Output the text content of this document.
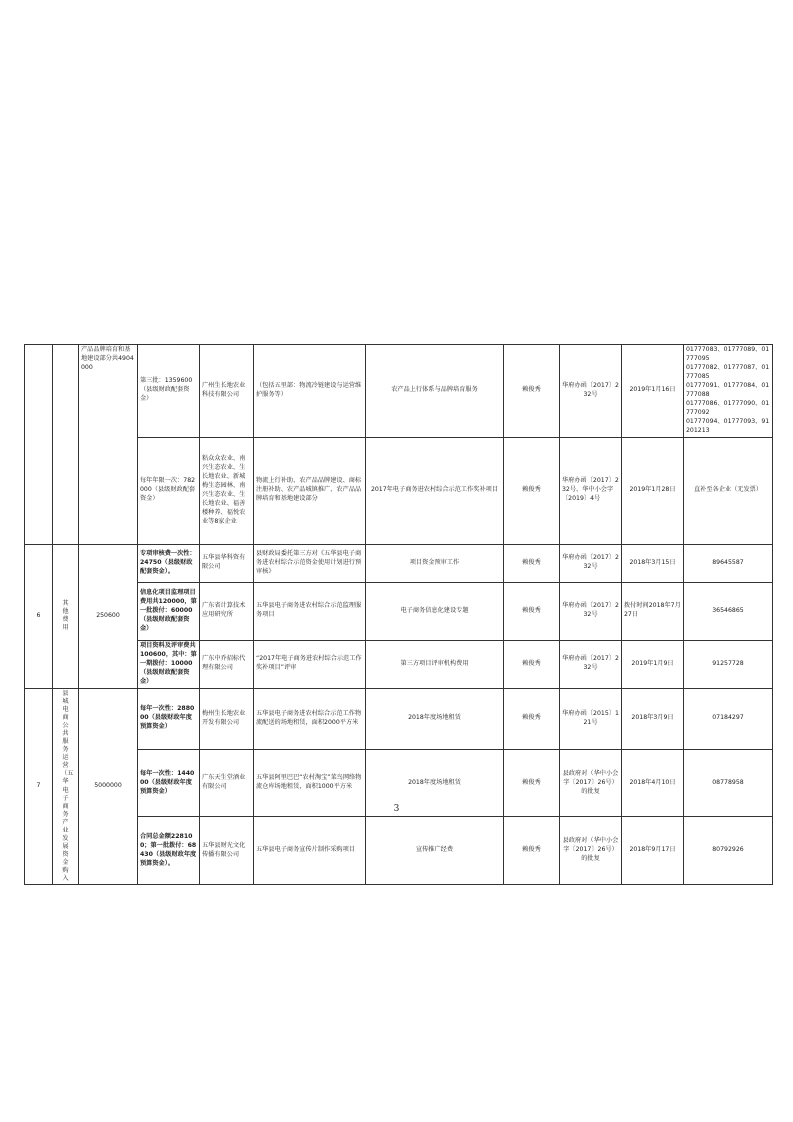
		产品品牌培育和基地建设部分共4904000	第三批：1359600（县级财政配套资金）	广州生长地农业科技有限公司	（包括五里部：物流冷链建设与运营维护服务等）	农产品上行体系与品牌培育服务	赖俊秀	华府办函〔2017〕232号	2019年1月16日	01777083、01777089、01777095
01777082、01777087、01777085
01777091、01777084、01777088
01777086、01777090、01777092
01777094、01777093、91201213
			每年年限一次：782000（县级财政配套资金）	粘众众农业、南兴生态农业、生长地农业、新城梅生态园林、南兴生态农业、生长地农业、福善楼种养、福悦农业等8家企业	物流上行补助、农产品品牌建设、商标注册补助、农产品城镇推广、农产品品牌培育和基地建设部分	2017年电子商务进农村综合示范工作奖补项目	赖俊秀	华府办函〔2017〕232号、华中小会字〔2019〕4号	2019年1月28日	直补至各企业（无发票）
6	其他费用	250600	专项审核费一次性：24750（县级财政配套资金）。	五华县华科资有限公司	县财政局委托第三方对《五华县电子商务进农村综合示范资金使用计划进行预审核》	项目资金预审工作	赖俊秀	华府办函〔2017〕232号	2018年3月15日	89645587
			信息化项目监理项目费用共120000，第一批拨付：60000（县级财政配套资金）	广东省计算技术应用研究所	五华县电子商务进农村综合示范监理服务项目	电子商务信息化建设专题	赖俊秀	华府办函〔2017〕232号	拨付时间2018年7月27日	36546865
			项目资料及评审费共100600，其中：第一期拨付：10000（县级财政配套资金）	广东中乔招标代理有限公司	“2017年电子商务进农村综合示范工作奖补项目”评审	第三方项目评审机构费用	赖俊秀	华府办函〔2017〕232号	2019年1月9日	91257728
7	县城电商公共服务运营（五华电子商务产业发展资金购入	5000000	每年一次性：288000（县级财政年度预算资金）	梅州生长地农业开发有限公司	五华县电子商务进农村综合示范工作物流配送的场地租赁，面积2000平方米	2018年度场地租赁	赖俊秀	华府办函〔2015〕121号	2018年3月9日	07184297
			每年一次性：144000（县级财政年度预算资金）	广东天生堂酒业有限公司	五华县阿里巴巴“农村淘宝”菜鸟网络物流仓库场地租赁，面积1000平方米	2018年度场地租赁	赖俊秀	县政府对（华中小会字〔2017〕26号）的批复	2018年4月10日	08778958
			合同总金额228100；第一批拨付：68430（县级财政年度预算资金）。	五华县财光文化传播有限公司	五华县电子商务宣传片制作采购项目	宣传推广经费	赖俊秀	县政府对（华中小会字〔2017〕26号）的批复	2018年9月17日	80792926
3
